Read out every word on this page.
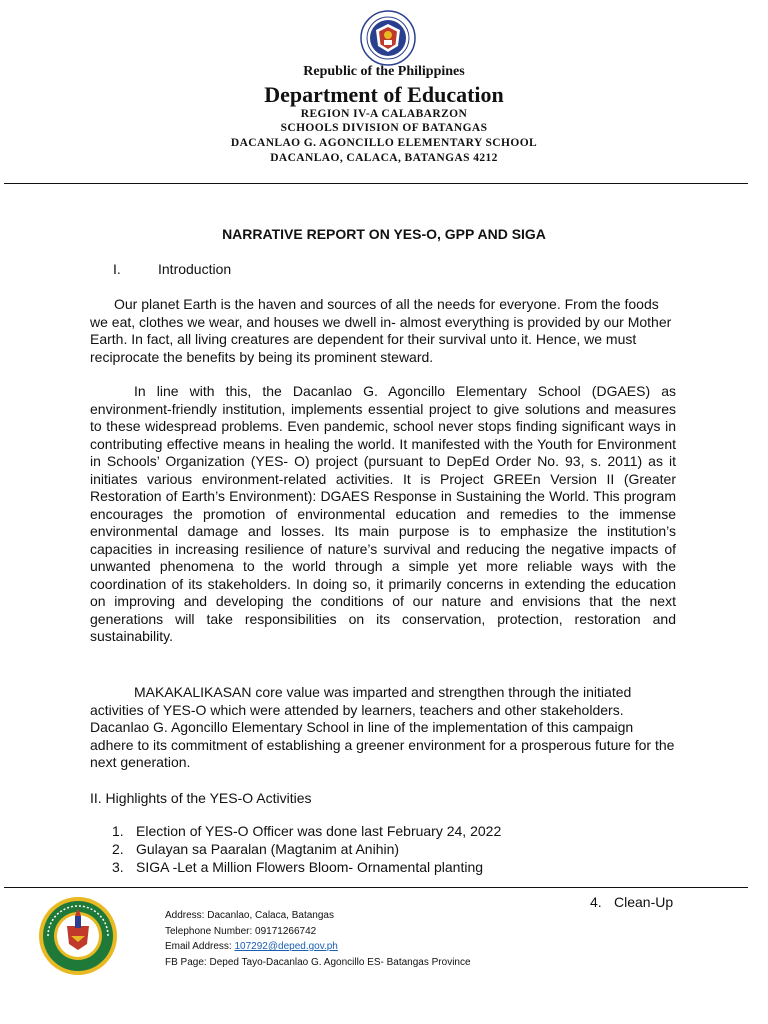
Republic of the Philippines
Department of Education
REGION IV-A CALABARZON
SCHOOLS DIVISION OF BATANGAS
DACANLAO G. AGONCILLO ELEMENTARY SCHOOL
DACANLAO, CALACA, BATANGAS 4212
NARRATIVE REPORT ON YES-O, GPP AND SIGA
I.	Introduction

Our planet Earth is the haven and sources of all the needs for everyone. From the foods we eat, clothes we wear, and houses we dwell in- almost everything is provided by our Mother Earth. In fact, all living creatures are dependent for their survival unto it. Hence, we must reciprocate the benefits by being its prominent steward.

In line with this, the Dacanlao G. Agoncillo Elementary School (DGAES) as environment-friendly institution, implements essential project to give solutions and measures to these widespread problems. Even pandemic, school never stops finding significant ways in contributing effective means in healing the world. It manifested with the Youth for Environment in Schools’ Organization (YES- O) project (pursuant to DepEd Order No. 93, s. 2011) as it initiates various environment-related activities. It is Project GREEn Version II (Greater Restoration of Earth’s Environment): DGAES Response in Sustaining the World. This program encourages the promotion of environmental education and remedies to the immense environmental damage and losses. Its main purpose is to emphasize the institution’s capacities in increasing resilience of nature’s survival and reducing the negative impacts of unwanted phenomena to the world through a simple yet more reliable ways with the coordination of its stakeholders. In doing so, it primarily concerns in extending the education on improving and developing the conditions of our nature and envisions that the next generations will take responsibilities on its conservation, protection, restoration and sustainability.

MAKAKALIKASAN core value was imparted and strengthen through the initiated activities of YES-O which were attended by learners, teachers and other stakeholders. Dacanlao G. Agoncillo Elementary School in line of the implementation of this campaign adhere to its commitment of establishing a greener environment for a prosperous future for the next generation.

II. Highlights of the YES-O Activities
1. Election of YES-O Officer was done last February 24, 2022
2. Gulayan sa Paaralan (Magtanim at Anihin)
3. SIGA -Let a Million Flowers Bloom- Ornamental planting
4. Clean-Up
Address: Dacanlao, Calaca, Batangas
Telephone Number: 09171266742
Email Address: 107292@deped.gov.ph
FB Page: Deped Tayo-Dacanlao G. Agoncillo ES- Batangas Province
